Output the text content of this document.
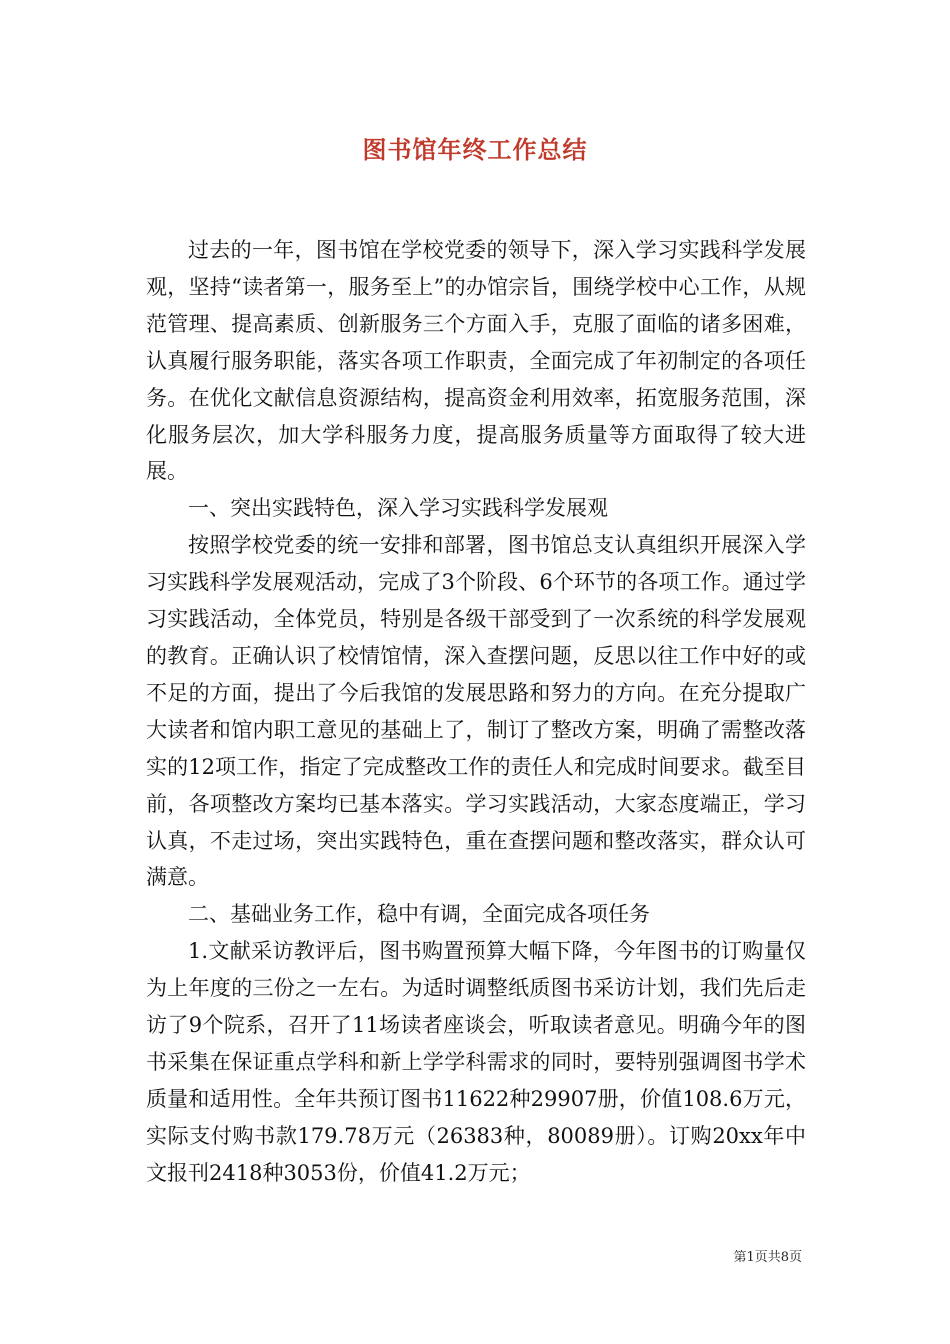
图书馆年终工作总结

过去的一年，图书馆在学校党委的领导下，深入学习实践科学发展观，坚持“读者第一，服务至上”的办馆宗旨，围绕学校中心工作，从规范管理、提高素质、创新服务三个方面入手，克服了面临的诸多困难，认真履行服务职能，落实各项工作职责，全面完成了年初制定的各项任务。在优化文献信息资源结构，提高资金利用效率，拓宽服务范围，深化服务层次，加大学科服务力度，提高服务质量等方面取得了较大进展。

一、突出实践特色，深入学习实践科学发展观

按照学校党委的统一安排和部署，图书馆总支认真组织开展深入学习实践科学发展观活动，完成了3个阶段、6个环节的各项工作。通过学习实践活动，全体党员，特别是各级干部受到了一次系统的科学发展观的教育。正确认识了校情馆情，深入查摆问题，反思以往工作中好的或不足的方面，提出了今后我馆的发展思路和努力的方向。在充分提取广大读者和馆内职工意见的基础上了，制订了整改方案，明确了需整改落实的12项工作，指定了完成整改工作的责任人和完成时间要求。截至目前，各项整改方案均已基本落实。学习实践活动，大家态度端正，学习认真，不走过场，突出实践特色，重在查摆问题和整改落实，群众认可满意。

二、基础业务工作，稳中有调，全面完成各项任务

1.文献采访教评后，图书购置预算大幅下降，今年图书的订购量仅为上年度的三份之一左右。为适时调整纸质图书采访计划，我们先后走访了9个院系，召开了11场读者座谈会，听取读者意见。明确今年的图书采集在保证重点学科和新上学学科需求的同时，要特别强调图书学术质量和适用性。全年共预订图书11622种29907册，价值108.6万元，实际支付购书款179.78万元（26383种，80089册）。订购20xx年中文报刊2418种3053份，价值41.2万元；

第1页共8页
